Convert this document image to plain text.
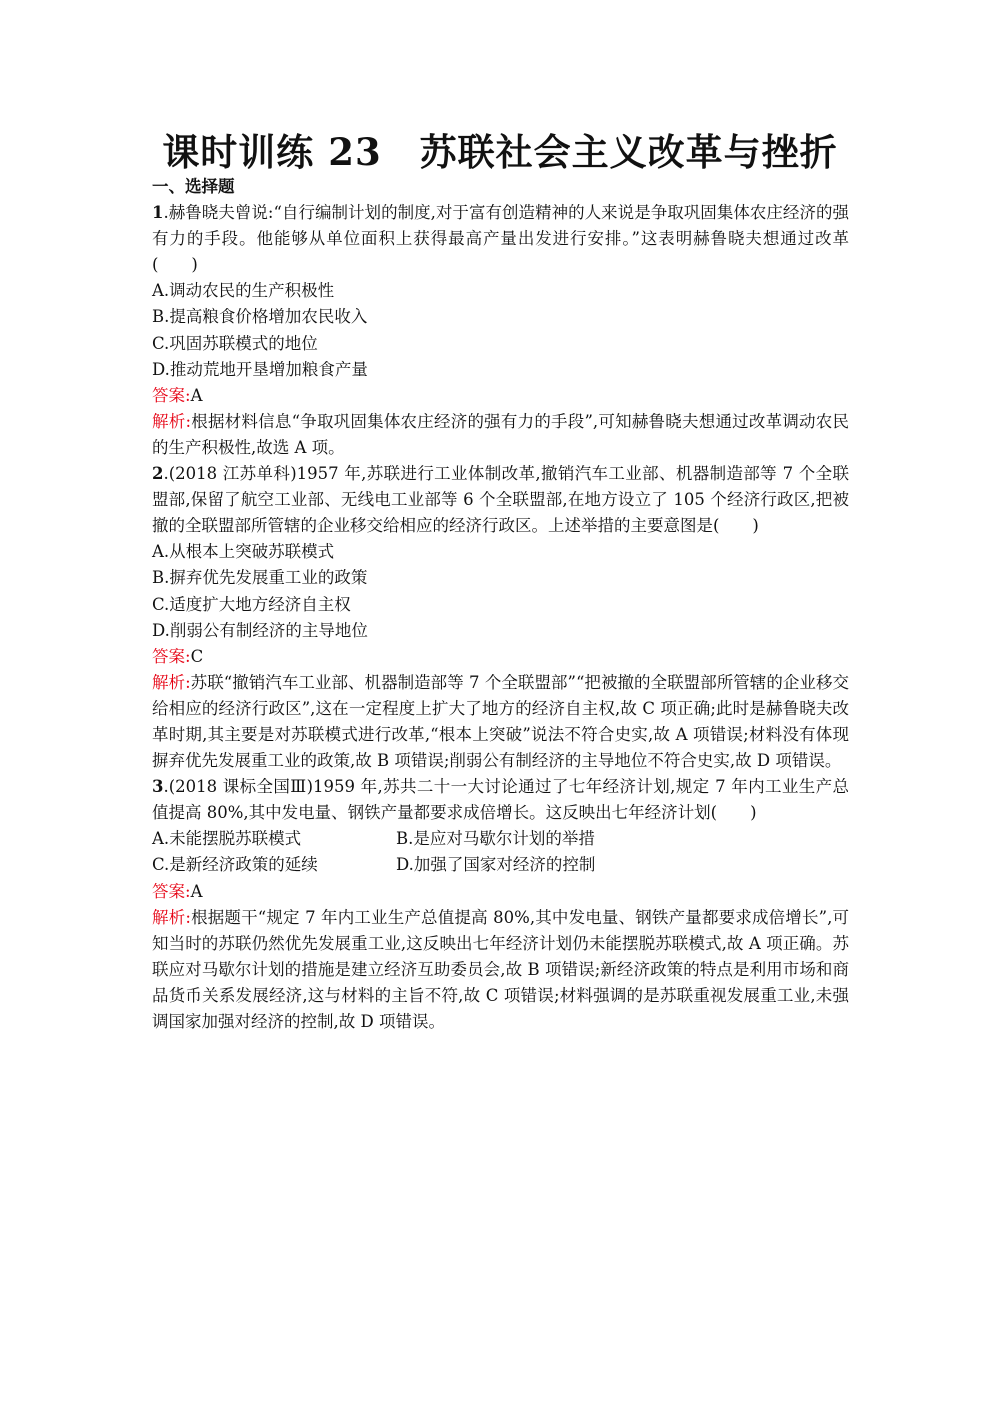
课时训练 23　苏联社会主义改革与挫折

一、选择题

1.赫鲁晓夫曾说:“自行编制计划的制度,对于富有创造精神的人来说是争取巩固集体农庄经济的强有力的手段。他能够从单位面积上获得最高产量出发进行安排。”这表明赫鲁晓夫想通过改革(　　)

A.调动农民的生产积极性

B.提高粮食价格增加农民收入

C.巩固苏联模式的地位

D.推动荒地开垦增加粮食产量

答案:A

解析:根据材料信息“争取巩固集体农庄经济的强有力的手段”,可知赫鲁晓夫想通过改革调动农民的生产积极性,故选 A 项。

2.(2018 江苏单科)1957 年,苏联进行工业体制改革,撤销汽车工业部、机器制造部等 7 个全联盟部,保留了航空工业部、无线电工业部等 6 个全联盟部,在地方设立了 105 个经济行政区,把被撤的全联盟部所管辖的企业移交给相应的经济行政区。上述举措的主要意图是(　　)

A.从根本上突破苏联模式

B.摒弃优先发展重工业的政策

C.适度扩大地方经济自主权

D.削弱公有制经济的主导地位

答案:C

解析:苏联“撤销汽车工业部、机器制造部等 7 个全联盟部”“把被撤的全联盟部所管辖的企业移交给相应的经济行政区”,这在一定程度上扩大了地方的经济自主权,故 C 项正确;此时是赫鲁晓夫改革时期,其主要是对苏联模式进行改革,“根本上突破”说法不符合史实,故 A 项错误;材料没有体现摒弃优先发展重工业的政策,故 B 项错误;削弱公有制经济的主导地位不符合史实,故 D 项错误。

3.(2018 课标全国Ⅲ)1959 年,苏共二十一大讨论通过了七年经济计划,规定 7 年内工业生产总值提高 80%,其中发电量、钢铁产量都要求成倍增长。这反映出七年经济计划(　　)

A.未能摆脱苏联模式	B.是应对马歇尔计划的举措
C.是新经济政策的延续	D.加强了国家对经济的控制

答案:A

解析:根据题干“规定 7 年内工业生产总值提高 80%,其中发电量、钢铁产量都要求成倍增长”,可知当时的苏联仍然优先发展重工业,这反映出七年经济计划仍未能摆脱苏联模式,故 A 项正确。苏联应对马歇尔计划的措施是建立经济互助委员会,故 B 项错误;新经济政策的特点是利用市场和商品货币关系发展经济,这与材料的主旨不符,故 C 项错误;材料强调的是苏联重视发展重工业,未强调国家加强对经济的控制,故 D 项错误。
